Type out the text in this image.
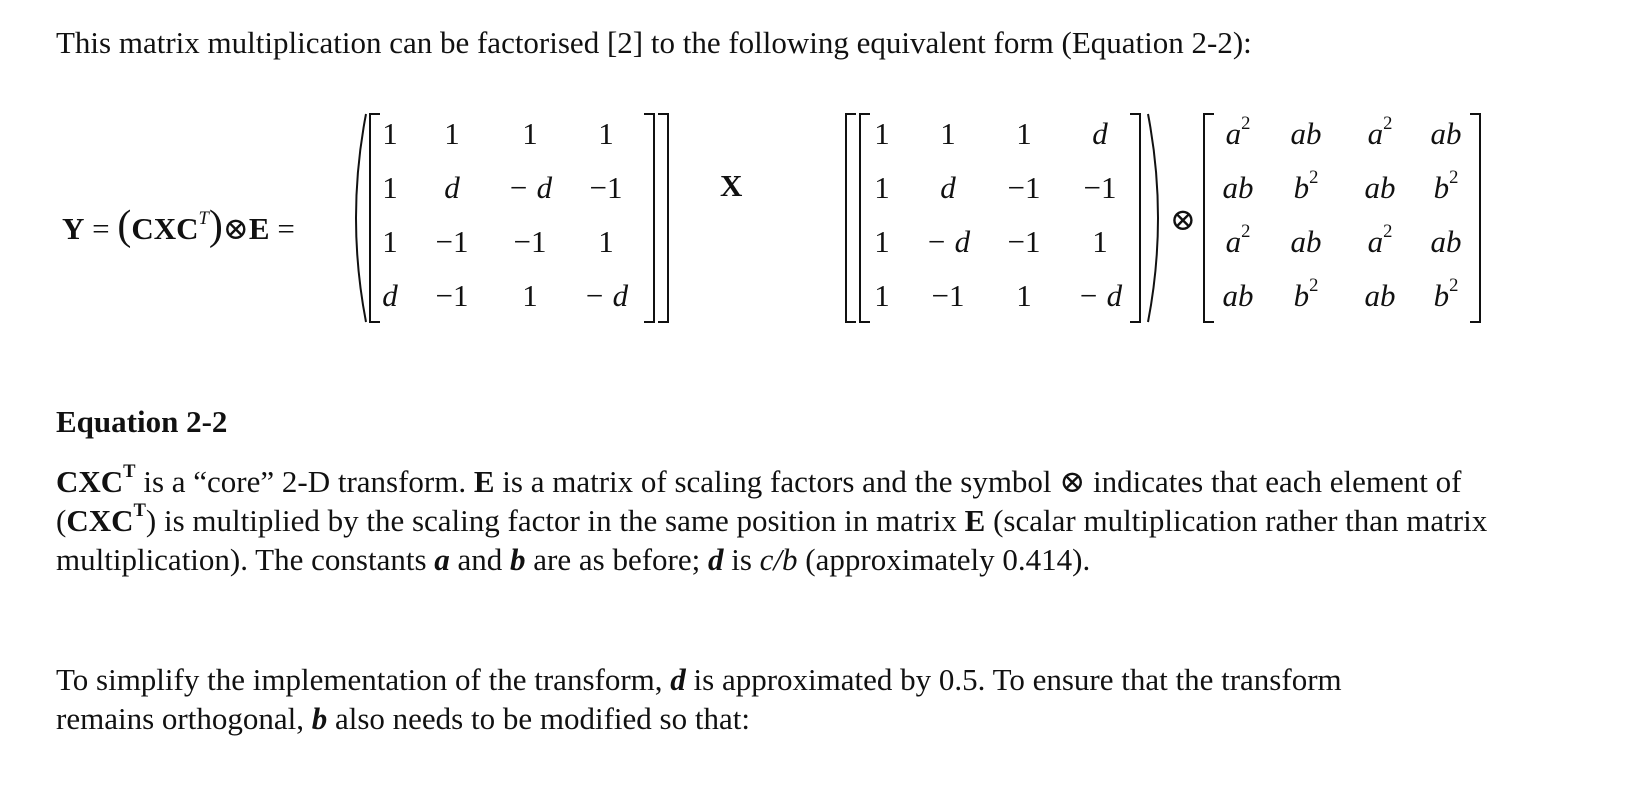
This matrix multiplication can be factorised [2] to the following equivalent form (Equation 2-2):
$Y = (CXC^T)\otimes E$ =
1 1 1 1
1 d − d −1
1 −1 −1 1
d −1 1 − d
X
1 1 1 d
1 d −1 −1
1 − d −1 1
1 −1 1 − d
⊗
$a^2$ ab $a^2$ ab
ab $b^2$ ab $b^2$
$a^2$ ab $a^2$ ab
ab $b^2$ ab $b^2$
Equation 2-2
$CXC^T$ is a “core” 2-D transform. E is a matrix of scaling factors and the symbol ⊗ indicates that each element of $(CXC^T)$ is multiplied by the scaling factor in the same position in matrix E (scalar multiplication rather than matrix multiplication). The constants a and b are as before; d is c/b (approximately 0.414).
To simplify the implementation of the transform, d is approximated by 0.5. To ensure that the transform remains orthogonal, b also needs to be modified so that:
